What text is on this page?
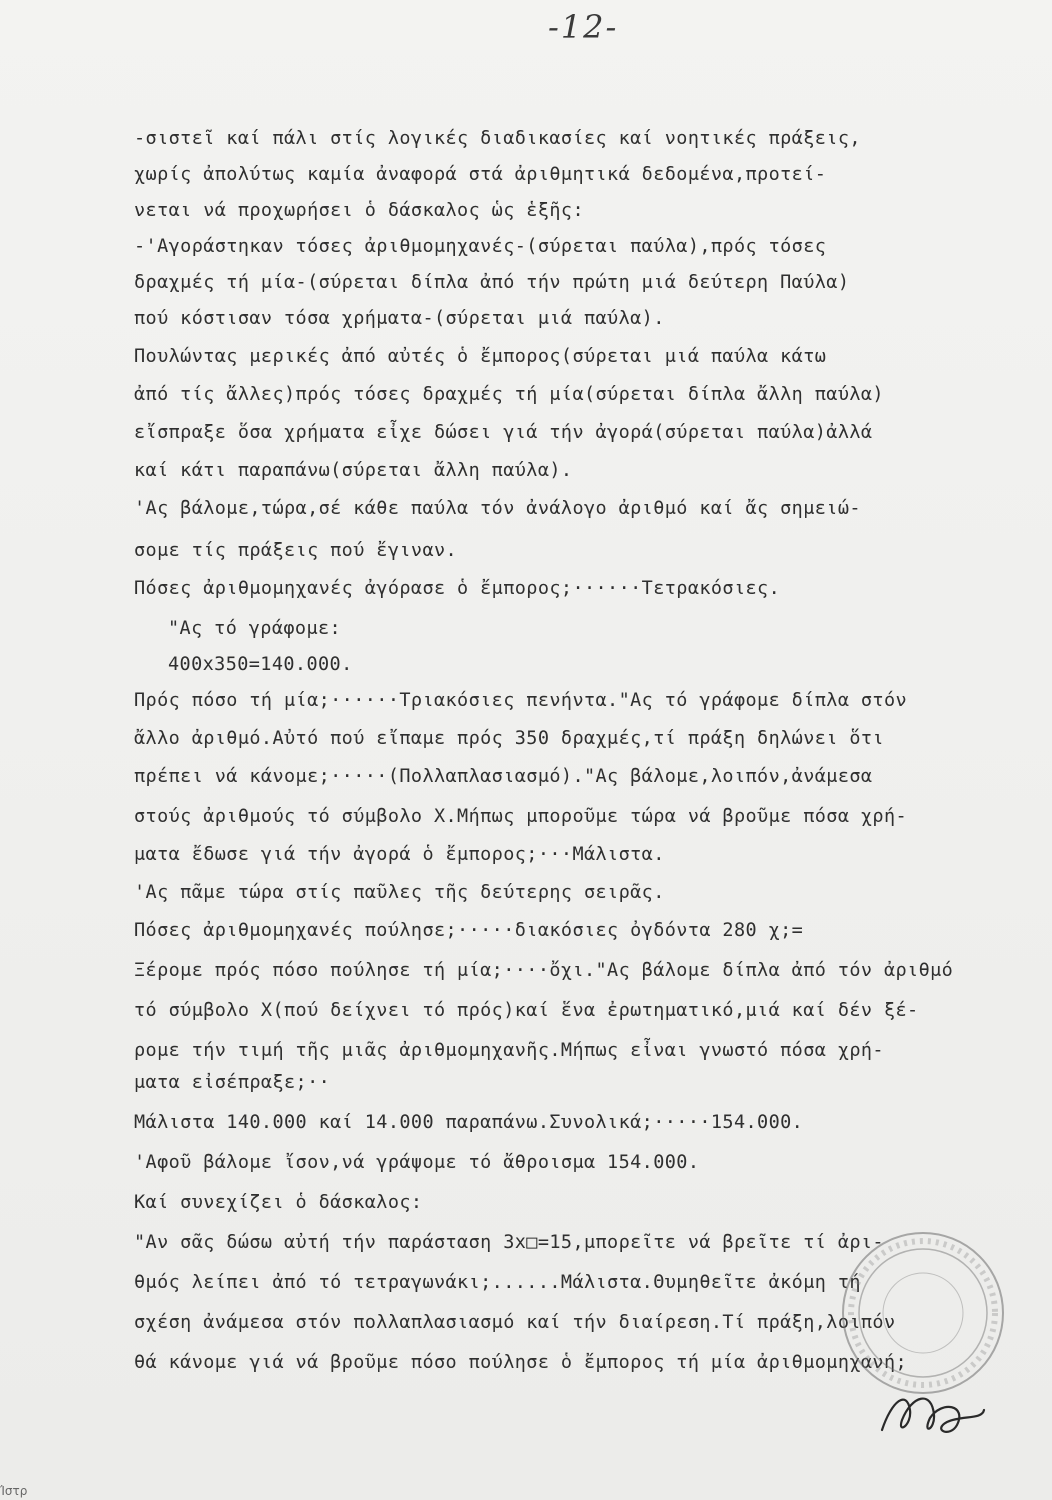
-12-
-σιστεῖ καί πάλι στίς λογικές διαδικασίες καί νοητικές πράξεις,
χωρίς ἀπολύτως καμία ἀναφορά στά ἀριθμητικά δεδομένα,προτεί-
νεται νά προχωρήσει ὁ δάσκαλος ὡς ἑξῆς:
-'Αγοράστηκαν τόσες ἀριθμομηχανές-(σύρεται παύλα),πρός τόσες
δραχμές τή μία-(σύρεται δίπλα ἀπό τήν πρώτη μιά δεύτερη Παύλα)
πού κόστισαν τόσα χρήματα-(σύρεται μιά παύλα).
Πουλώντας μερικές ἀπό αὐτές ὁ ἔμπορος(σύρεται μιά παύλα κάτω
ἀπό τίς ἄλλες)πρός τόσες δραχμές τή μία(σύρεται δίπλα ἄλλη παύλα)
εἴσπραξε ὅσα χρήματα εἶχε δώσει γιά τήν ἀγορά(σύρεται παύλα)ἀλλά
καί κάτι παραπάνω(σύρεται ἄλλη παύλα).
'Ας βάλομε,τώρα,σέ κάθε παύλα τόν ἀνάλογο ἀριθμό καί ἄς σημειώ-
σομε τίς πράξεις πού ἔγιναν.
Πόσες ἀριθμομηχανές ἀγόρασε ὁ ἔμπορος;······Τετρακόσιες.
"Ας τό γράφομε:
400x350=140.000.
Πρός πόσο τή μία;······Τριακόσιες πενήντα."Ας τό γράφομε δίπλα στόν
ἄλλο ἀριθμό.Αὐτό πού εἴπαμε πρός 350 δραχμές,τί πράξη δηλώνει ὅτι
πρέπει νά κάνομε;·····(Πολλαπλασιασμό)."Ας βάλομε,λοιπόν,ἀνάμεσα
στούς ἀριθμούς τό σύμβολο Χ.Μήπως μποροῦμε τώρα νά βροῦμε πόσα χρή-
ματα ἔδωσε γιά τήν ἀγορά ὁ ἔμπορος;···Μάλιστα.
'Ας πᾶμε τώρα στίς παῦλες τῆς δεύτερης σειρᾶς.
Πόσες ἀριθμομηχανές πούλησε;·····διακόσιες ὀγδόντα 280 χ;=
Ξέρομε πρός πόσο πούλησε τή μία;····ὄχι."Ας βάλομε δίπλα ἀπό τόν ἀριθμό
τό σύμβολο Χ(πού δείχνει τό πρός)καί ἕνα ἐρωτηματικό,μιά καί δέν ξέ-
ρομε τήν τιμή τῆς μιᾶς ἀριθμομηχανῆς.Μήπως εἶναι γνωστό πόσα χρή-
ματα εἰσέπραξε;··
Μάλιστα 140.000 καί 14.000 παραπάνω.Συνολικά;·····154.000.
'Αφοῦ βάλομε ἴσον,νά γράψομε τό ἄθροισμα 154.000.
Καί συνεχίζει ὁ δάσκαλος:
"Αν σᾶς δώσω αὐτή τήν παράσταση 3x□=15,μπορεῖτε νά βρεῖτε τί ἀρι-
θμός λείπει ἀπό τό τετραγωνάκι;......Μάλιστα.Θυμηθεῖτε ἀκόμη τή
σχέση ἀνάμεσα στόν πολλαπλασιασμό καί τήν διαίρεση.Τί πράξη,λοιπόν
θά κάνομε γιά νά βροῦμε πόσο πούλησε ὁ ἔμπορος τή μία ἀριθμομηχανή;
Ίστρ
